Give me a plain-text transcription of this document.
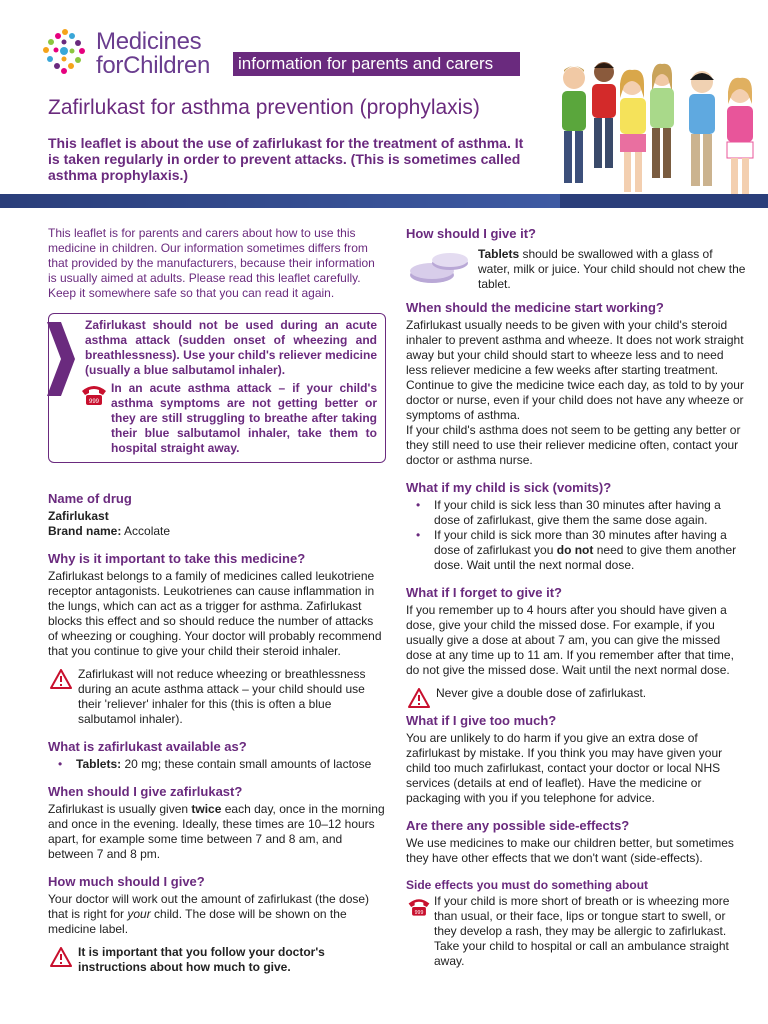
Medicines
forChildren information for parents and carers
Zafirlukast for asthma prevention (prophylaxis)
This leaflet is about the use of zafirlukast for the treatment of asthma. It is taken regularly in order to prevent attacks. (This is sometimes called asthma prophylaxis.)

This leaflet is for parents and carers about how to use this medicine in children. Our information sometimes differs from that provided by the manufacturers, because their information is usually aimed at adults. Please read this leaflet carefully. Keep it somewhere safe so that you can read it again.

Zafirlukast should not be used during an acute asthma attack (sudden onset of wheezing and breathlessness). Use your child's reliever medicine (usually a blue salbutamol inhaler).

999

In an acute asthma attack – if your child's asthma symptoms are not getting better or they are still struggling to breathe after taking their blue salbutamol inhaler, take them to hospital straight away.

Name of drug

Zafirlukast

Brand name: Accolate

Why is it important to take this medicine?

Zafirlukast belongs to a family of medicines called leukotriene receptor antagonists. Leukotrienes can cause inflammation in the lungs, which can act as a trigger for asthma. Zafirlukast blocks this effect and so should reduce the number of attacks of wheezing or coughing. Your doctor will probably recommend that you continue to give your child their steroid inhaler.

Zafirlukast will not reduce wheezing or breathlessness during an acute asthma attack – your child should use their 'reliever' inhaler for this (this is often a blue salbutamol inhaler).
What is zafirlukast available as?
• Tablets: 20 mg; these contain small amounts of lactose
When should I give zafirlukast?

Zafirlukast is usually given twice each day, once in the morning and once in the evening. Ideally, these times are 10–12 hours apart, for example some time between 7 and 8 am, and between 7 and 8 pm.

How much should I give?

Your doctor will work out the amount of zafirlukast (the dose) that is right for your child. The dose will be shown on the medicine label.

It is important that you follow your doctor's instructions about how much to give.
How should I give it?
Tablets should be swallowed with a glass of water, milk or juice. Your child should not chew the tablet.
When should the medicine start working?

Zafirlukast usually needs to be given with your child's steroid inhaler to prevent asthma and wheeze. It does not work straight away but your child should start to wheeze less and to need less reliever medicine a few weeks after starting treatment. Continue to give the medicine twice each day, as told to by your doctor or nurse, even if your child does not have any wheeze or symptoms of asthma.

If your child's asthma does not seem to be getting any better or they still need to use their reliever medicine often, contact your doctor or asthma nurse.

What if my child is sick (vomits)?
• If your child is sick less than 30 minutes after having a dose of zafirlukast, give them the same dose again.
• If your child is sick more than 30 minutes after having a dose of zafirlukast you do not need to give them another dose. Wait until the next normal dose.
What if I forget to give it?

If you remember up to 4 hours after you should have given a dose, give your child the missed dose. For example, if you usually give a dose at about 7 am, you can give the missed dose at any time up to 11 am. If you remember after that time, do not give the missed dose. Wait until the next normal dose.

Never give a double dose of zafirlukast.
What if I give too much?

You are unlikely to do harm if you give an extra dose of zafirlukast by mistake. If you think you may have given your child too much zafirlukast, contact your doctor or local NHS services (details at end of leaflet). Have the medicine or packaging with you if you telephone for advice.

Are there any possible side-effects?

We use medicines to make our children better, but sometimes they have other effects that we don't want (side-effects).

Side effects you must do something about
999
If your child is more short of breath or is wheezing more than usual, or their face, lips or tongue start to swell, or they develop a rash, they may be allergic to zafirlukast. Take your child to hospital or call an ambulance straight away.
